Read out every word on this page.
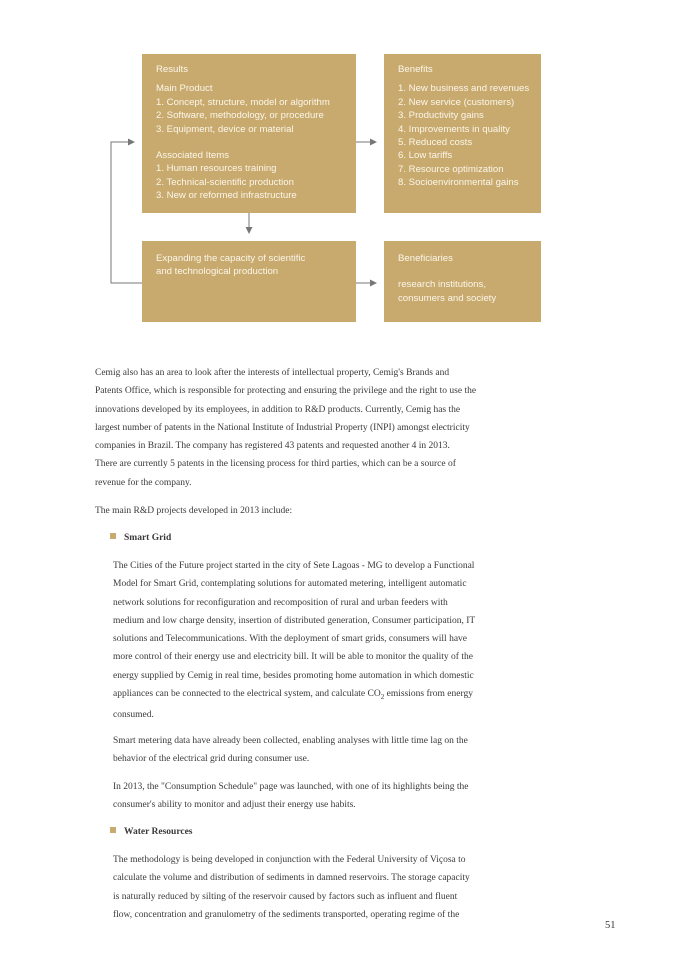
Results
Main Product
1. Concept, structure, model or algorithm
2. Software, methodology, or procedure
3. Equipment, device or material
Associated Items
1. Human resources training
2. Technical-scientific production
3. New or reformed infrastructure
Benefits
1. New business and revenues
2. New service (customers)
3. Productivity gains
4. Improvements in quality
5. Reduced costs
6. Low tariffs
7. Resource optimization
8. Socioenvironmental gains
Expanding the capacity of scientific
and technological production
Beneficiaries
research institutions,
consumers and society
Cemig also has an area to look after the interests of intellectual property, Cemig's Brands and
Patents Office, which is responsible for protecting and ensuring the privilege and the right to use the
innovations developed by its employees, in addition to R&D products. Currently, Cemig has the
largest number of patents in the National Institute of Industrial Property (INPI) amongst electricity
companies in Brazil. The company has registered 43 patents and requested another 4 in 2013.
There are currently 5 patents in the licensing process for third parties, which can be a source of
revenue for the company.
The main R&D projects developed in 2013 include:
Smart Grid
The Cities of the Future project started in the city of Sete Lagoas - MG to develop a Functional
Model for Smart Grid, contemplating solutions for automated metering, intelligent automatic
network solutions for reconfiguration and recomposition of rural and urban feeders with
medium and low charge density, insertion of distributed generation, Consumer participation, IT
solutions and Telecommunications. With the deployment of smart grids, consumers will have
more control of their energy use and electricity bill. It will be able to monitor the quality of the
energy supplied by Cemig in real time, besides promoting home automation in which domestic
appliances can be connected to the electrical system, and calculate $CO_2$ emissions from energy
consumed.
Smart metering data have already been collected, enabling analyses with little time lag on the
behavior of the electrical grid during consumer use.
In 2013, the "Consumption Schedule" page was launched, with one of its highlights being the
consumer's ability to monitor and adjust their energy use habits.
Water Resources
The methodology is being developed in conjunction with the Federal University of Viçosa to
calculate the volume and distribution of sediments in damned reservoirs. The storage capacity
is naturally reduced by silting of the reservoir caused by factors such as influent and fluent
flow, concentration and granulometry of the sediments transported, operating regime of the
51
